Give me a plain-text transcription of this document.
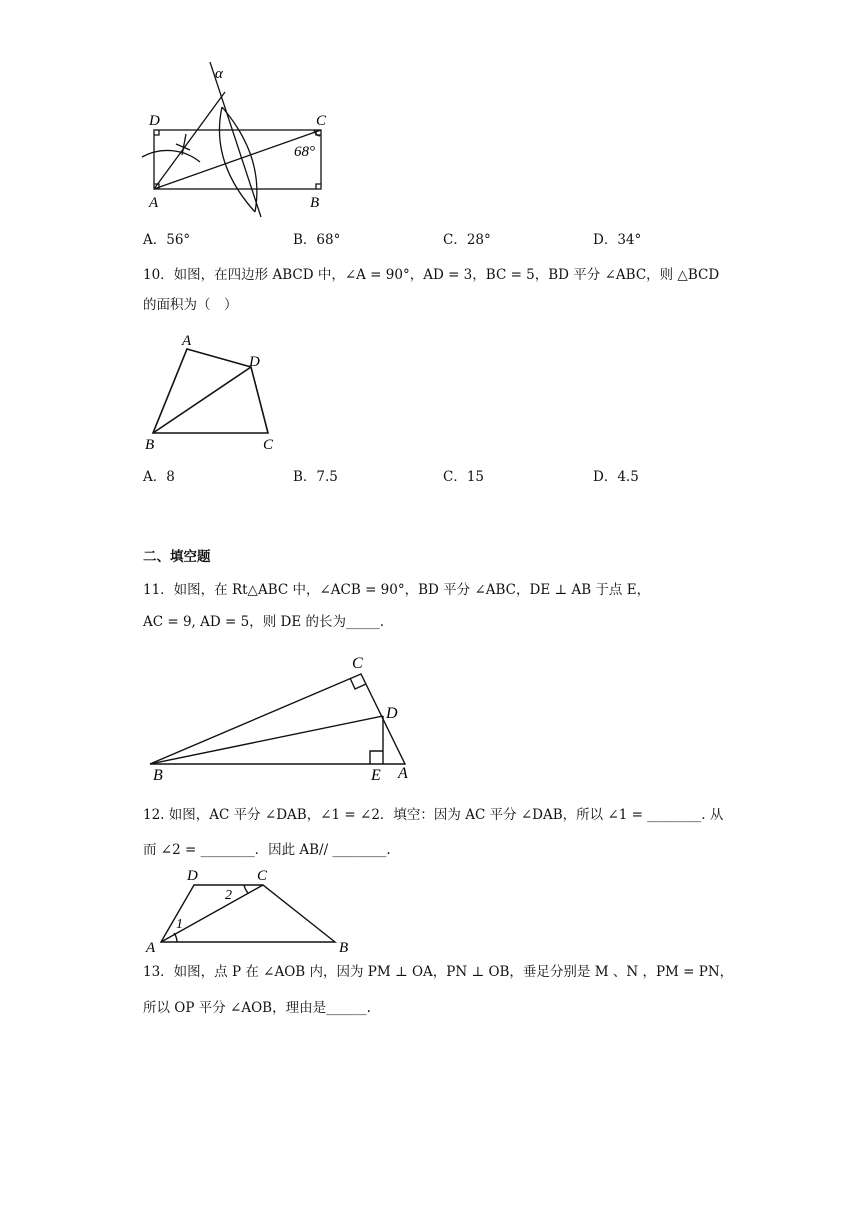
α
D	C
A	B
68°
A．56°	B．68°	C．28°	D．34°
10．如图，在四边形 ABCD 中，∠A = 90°，AD = 3，BC = 5，BD 平分 ∠ABC，则 △BCD
的面积为（　）
A
D
B	C
A．8	B．7.5	C．15	D．4.5
二、填空题
11．如图，在 Rt△ABC 中，∠ACB = 90°，BD 平分 ∠ABC，DE ⊥ AB 于点 E，
AC = 9, AD = 5，则 DE 的长为_____.
C
D
B	E A
12. 如图，AC 平分 ∠DAB，∠1 = ∠2．填空：因为 AC 平分 ∠DAB，所以 ∠1 = ________. 从
而 ∠2 = ________．因此 AB// ________.
D	C
A	B
1
2
13．如图，点 P 在 ∠AOB 内，因为 PM ⊥ OA，PN ⊥ OB，垂足分别是 M 、N ，PM = PN，
所以 OP 平分 ∠AOB，理由是______.
